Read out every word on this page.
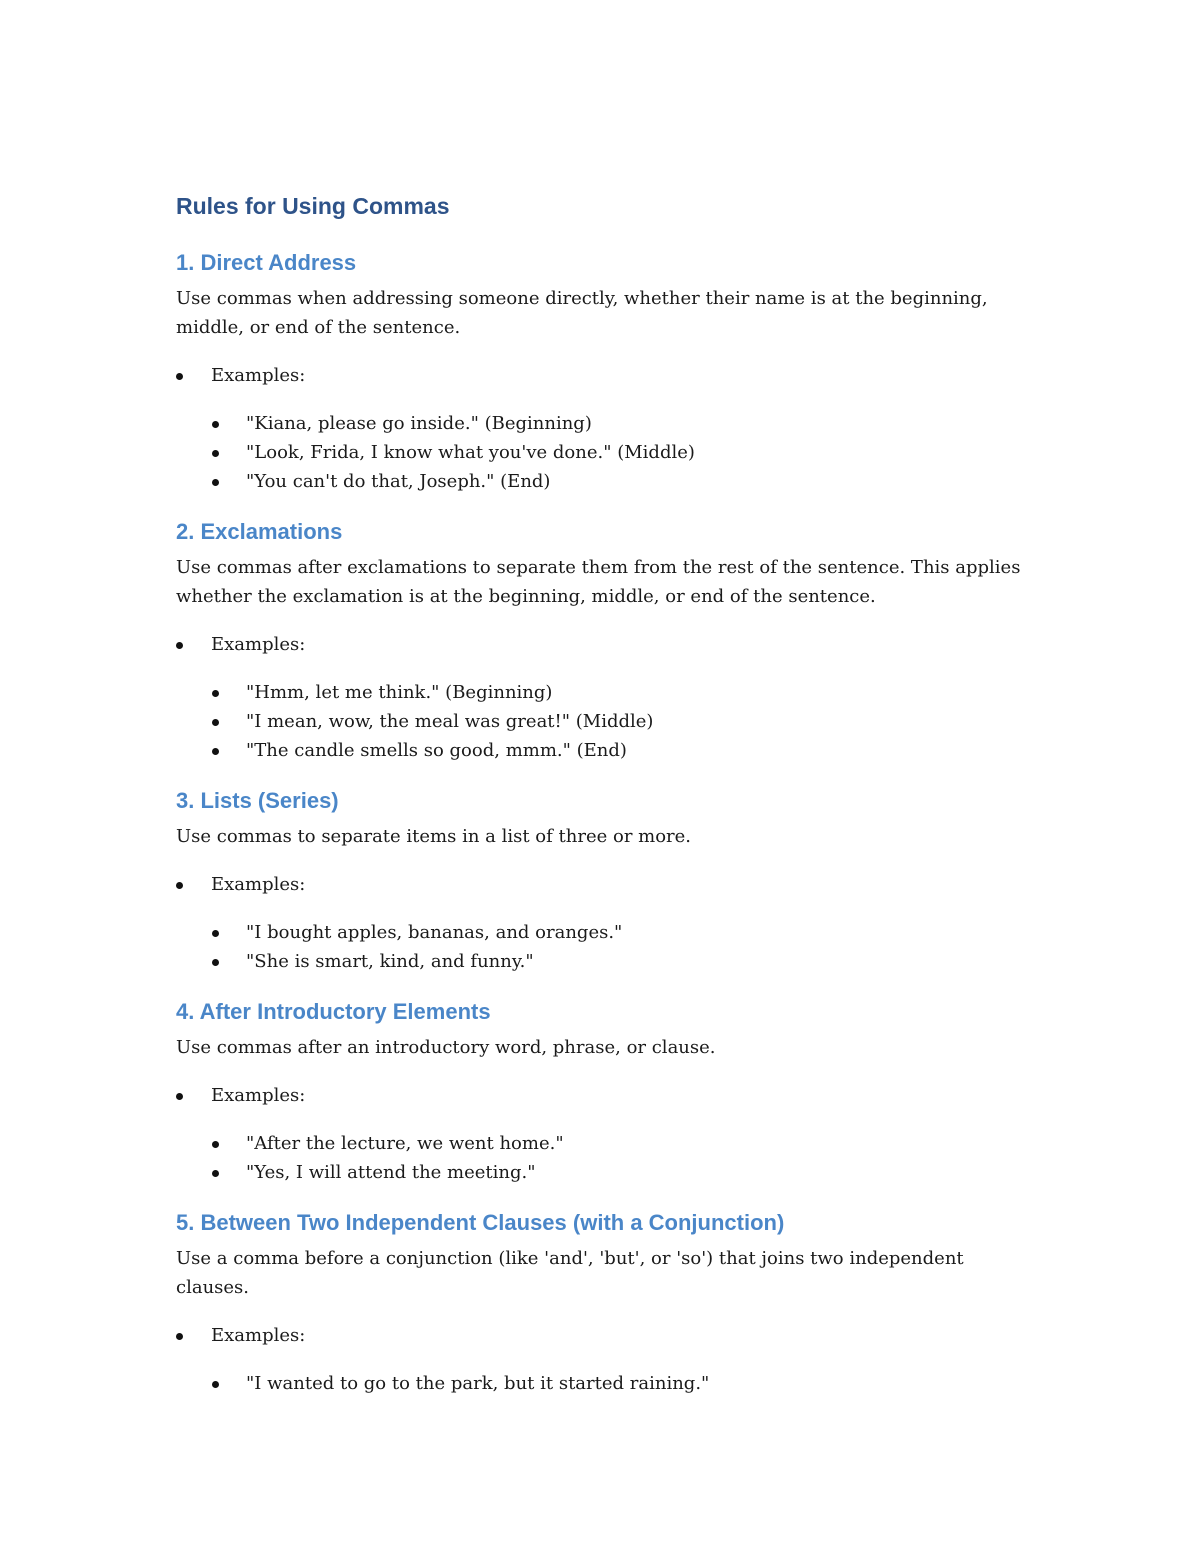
Rules for Using Commas
1. Direct Address

Use commas when addressing someone directly, whether their name is at the beginning, middle, or end of the sentence.

Examples:
"Kiana, please go inside." (Beginning)
"Look, Frida, I know what you've done." (Middle)
"You can't do that, Joseph." (End)
2. Exclamations

Use commas after exclamations to separate them from the rest of the sentence. This applies whether the exclamation is at the beginning, middle, or end of the sentence.

Examples:
"Hmm, let me think." (Beginning)
"I mean, wow, the meal was great!" (Middle)
"The candle smells so good, mmm." (End)
3. Lists (Series)

Use commas to separate items in a list of three or more.

Examples:
"I bought apples, bananas, and oranges."
"She is smart, kind, and funny."
4. After Introductory Elements

Use commas after an introductory word, phrase, or clause.

Examples:
"After the lecture, we went home."
"Yes, I will attend the meeting."
5. Between Two Independent Clauses (with a Conjunction)

Use a comma before a conjunction (like 'and', 'but', or 'so') that joins two independent clauses.

Examples:
"I wanted to go to the park, but it started raining."
